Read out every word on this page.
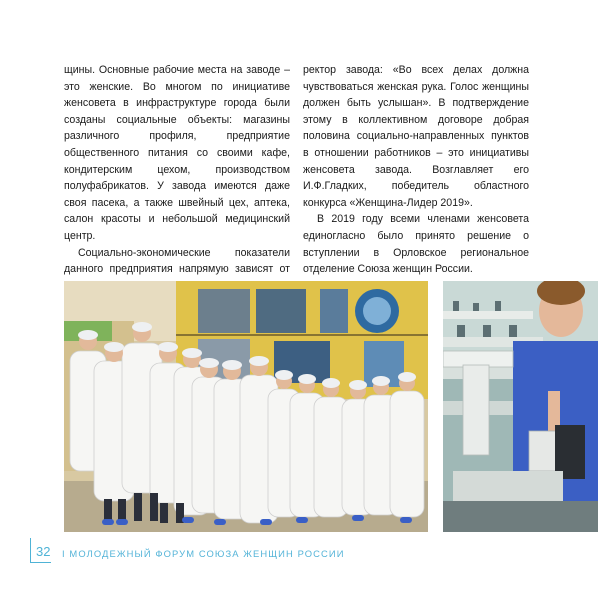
щины. Основные рабочие места на заводе – это женские. Во многом по инициативе женсовета в инфраструктуре города были созданы социальные объекты: магазины различного профиля, предприятие общественного питания со своими кафе, кондитерским цехом, производством полуфабрикатов. У завода имеются даже своя пасека, а также швейный цех, аптека, салон красоты и небольшой медицинский центр.

Социально-экономические показатели данного предприятия напрямую зависят от

ректор завода: «Во всех делах должна чувствоваться женская рука. Голос женщины должен быть услышан». В подтверждение этому в коллективном договоре добрая половина социально-направленных пунктов в отношении работников – это инициативы женсовета завода. Возглавляет его И.Ф.Гладких, победитель областного конкурса «Женщина-Лидер 2019».

В 2019 году всеми членами женсовета единогласно было принято решение о вступлении в Орловское региональное отделение Союза женщин России.

32 I МОЛОДЕЖНЫЙ ФОРУМ СОЮЗА ЖЕНЩИН РОССИИ
